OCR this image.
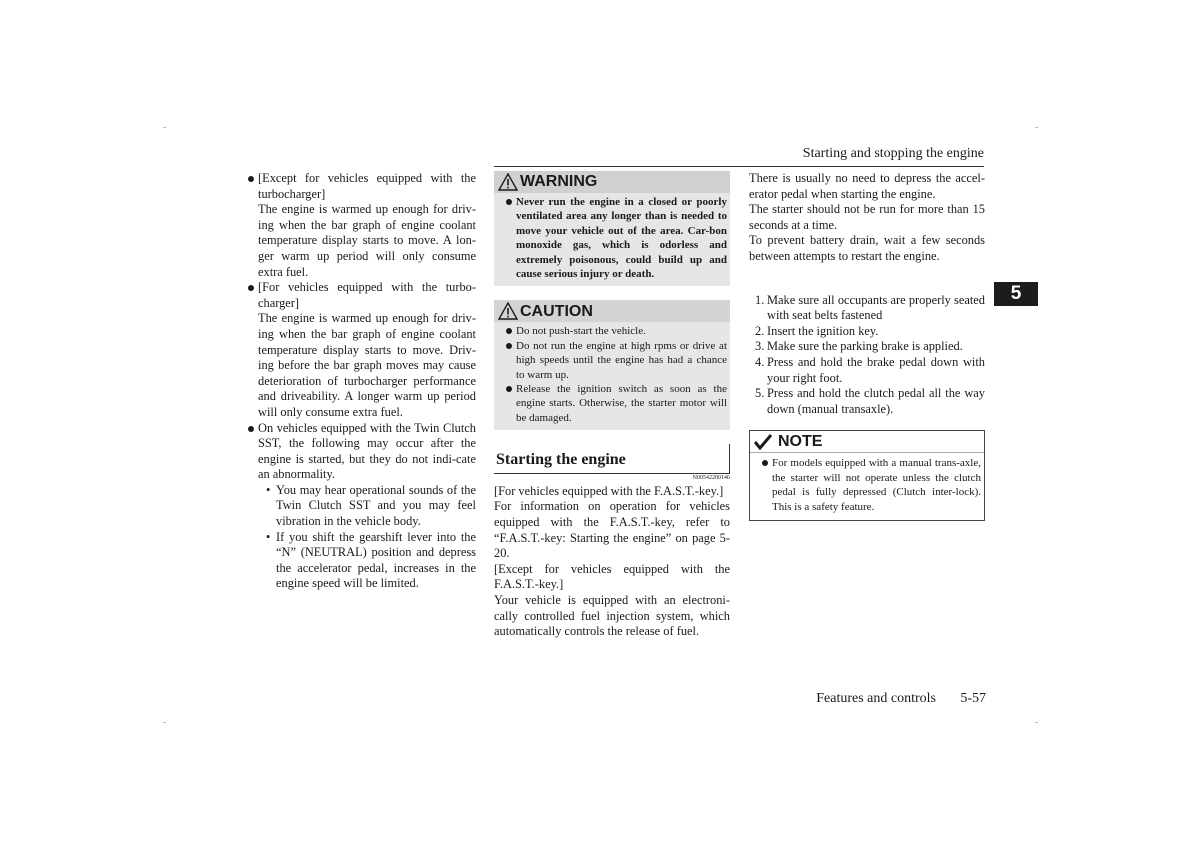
Starting and stopping the engine
5
[Except for vehicles equipped with the turbocharger]
The engine is warmed up enough for driv-ing when the bar graph of engine coolant temperature display starts to move. A lon-ger warm up period will only consume extra fuel.
[For vehicles equipped with the turbo-charger]
The engine is warmed up enough for driv-ing when the bar graph of engine coolant temperature display starts to move. Driv-ing before the bar graph moves may cause deterioration of turbocharger performance and driveability. A longer warm up period will only consume extra fuel.
On vehicles equipped with the Twin Clutch SST, the following may occur after the engine is started, but they do not indi-cate an abnormality.
• You may hear operational sounds of the Twin Clutch SST and you may feel vibration in the vehicle body.
• If you shift the gearshift lever into the “N” (NEUTRAL) position and depress the accelerator pedal, increases in the engine speed will be limited.
WARNING
Never run the engine in a closed or poorly ventilated area any longer than is needed to move your vehicle out of the area. Car-bon monoxide gas, which is odorless and extremely poisonous, could build up and cause serious injury or death.
CAUTION
Do not push-start the vehicle.
Do not run the engine at high rpms or drive at high speeds until the engine has had a chance to warm up.
Release the ignition switch as soon as the engine starts. Otherwise, the starter motor will be damaged.
Starting the engine
N00542200146
[For vehicles equipped with the F.A.S.T.-key.]
For information on operation for vehicles equipped with the F.A.S.T.-key, refer to “F.A.S.T.-key: Starting the engine” on page 5-20.
[Except for vehicles equipped with the F.A.S.T.-key.]
Your vehicle is equipped with an electroni-cally controlled fuel injection system, which automatically controls the release of fuel.
There is usually no need to depress the accel-erator pedal when starting the engine.
The starter should not be run for more than 15 seconds at a time.
To prevent battery drain, wait a few seconds between attempts to restart the engine.
1. Make sure all occupants are properly seated with seat belts fastened
2. Insert the ignition key.
3. Make sure the parking brake is applied.
4. Press and hold the brake pedal down with your right foot.
5. Press and hold the clutch pedal all the way down (manual transaxle).
NOTE
For models equipped with a manual trans-axle, the starter will not operate unless the clutch pedal is fully depressed (Clutch inter-lock). This is a safety feature.
Features and controls	5-57
